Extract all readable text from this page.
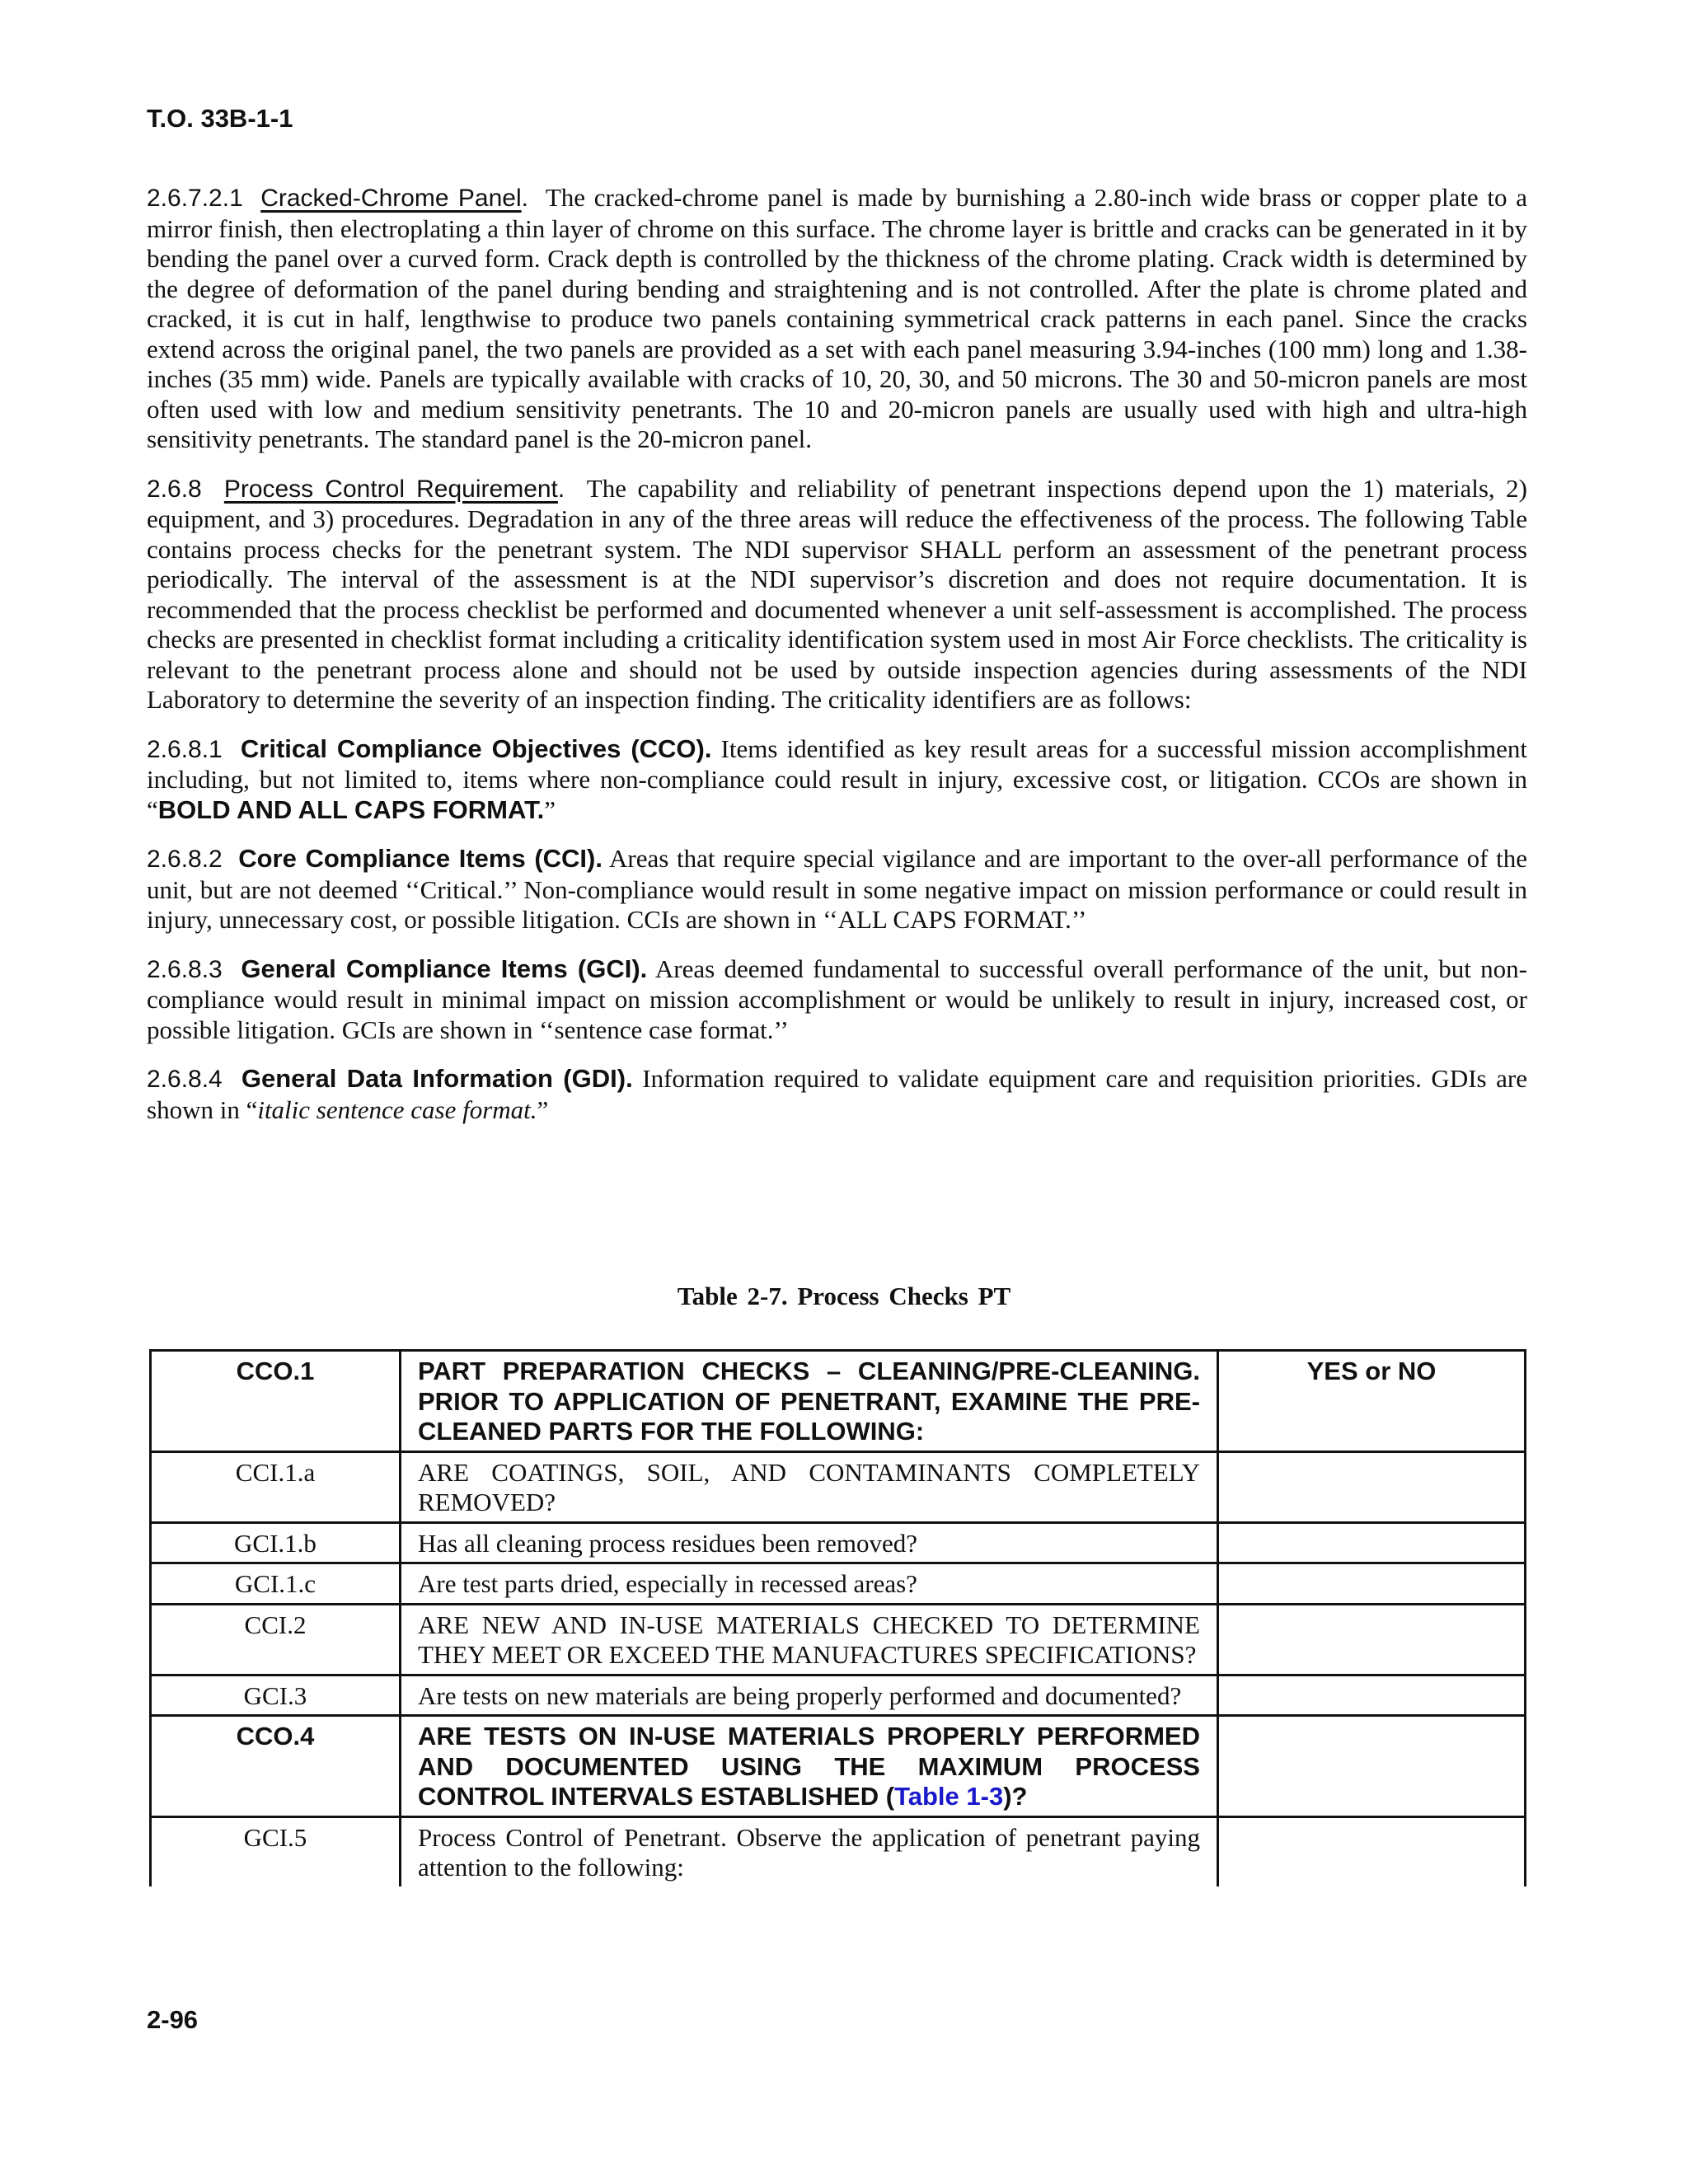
T.O. 33B-1-1

2.6.7.2.1 Cracked-Chrome Panel. The cracked-chrome panel is made by burnishing a 2.80-inch wide brass or copper plate to a mirror finish, then electroplating a thin layer of chrome on this surface. The chrome layer is brittle and cracks can be generated in it by bending the panel over a curved form. Crack depth is controlled by the thickness of the chrome plating. Crack width is determined by the degree of deformation of the panel during bending and straightening and is not controlled. After the plate is chrome plated and cracked, it is cut in half, lengthwise to produce two panels containing symmetrical crack patterns in each panel. Since the cracks extend across the original panel, the two panels are provided as a set with each panel measuring 3.94-inches (100 mm) long and 1.38-inches (35 mm) wide. Panels are typically available with cracks of 10, 20, 30, and 50 microns. The 30 and 50-micron panels are most often used with low and medium sensitivity penetrants. The 10 and 20-micron panels are usually used with high and ultra-high sensitivity penetrants. The standard panel is the 20-micron panel.

2.6.8 Process Control Requirement. The capability and reliability of penetrant inspections depend upon the 1) materials, 2) equipment, and 3) procedures. Degradation in any of the three areas will reduce the effectiveness of the process. The following Table contains process checks for the penetrant system. The NDI supervisor SHALL perform an assessment of the penetrant process periodically. The interval of the assessment is at the NDI supervisor’s discretion and does not require documentation. It is recommended that the process checklist be performed and documented whenever a unit self-assessment is accomplished. The process checks are presented in checklist format including a criticality identification system used in most Air Force checklists. The criticality is relevant to the penetrant process alone and should not be used by outside inspection agencies during assessments of the NDI Laboratory to determine the severity of an inspection finding. The criticality identifiers are as follows:

2.6.8.1 Critical Compliance Objectives (CCO). Items identified as key result areas for a successful mission accomplishment including, but not limited to, items where non-compliance could result in injury, excessive cost, or litigation. CCOs are shown in “BOLD AND ALL CAPS FORMAT.”

2.6.8.2 Core Compliance Items (CCI). Areas that require special vigilance and are important to the over-all performance of the unit, but are not deemed ‘‘Critical.’’ Non-compliance would result in some negative impact on mission performance or could result in injury, unnecessary cost, or possible litigation. CCIs are shown in ‘‘ALL CAPS FORMAT.’’

2.6.8.3 General Compliance Items (GCI). Areas deemed fundamental to successful overall performance of the unit, but non-compliance would result in minimal impact on mission accomplishment or would be unlikely to result in injury, increased cost, or possible litigation. GCIs are shown in ‘‘sentence case format.’’

2.6.8.4 General Data Information (GDI). Information required to validate equipment care and requisition priorities. GDIs are shown in “italic sentence case format.”

Table 2-7. Process Checks PT
CCO.1	PART PREPARATION CHECKS – CLEANING/PRE-CLEANING. PRIOR TO APPLICATION OF PENETRANT, EXAMINE THE PRE-CLEANED PARTS FOR THE FOLLOWING:	YES or NO
CCI.1.a	ARE COATINGS, SOIL, AND CONTAMINANTS COMPLETELY REMOVED?	
GCI.1.b	Has all cleaning process residues been removed?	
GCI.1.c	Are test parts dried, especially in recessed areas?	
CCI.2	ARE NEW AND IN-USE MATERIALS CHECKED TO DETERMINE THEY MEET OR EXCEED THE MANUFACTURES SPECIFICATIONS?	
GCI.3	Are tests on new materials are being properly performed and documented?	
CCO.4	ARE TESTS ON IN-USE MATERIALS PROPERLY PERFORMED AND DOCUMENTED USING THE MAXIMUM PROCESS CONTROL INTERVALS ESTABLISHED (Table 1-3)?	
GCI.5	Process Control of Penetrant. Observe the application of penetrant paying attention to the following:	
2-96
